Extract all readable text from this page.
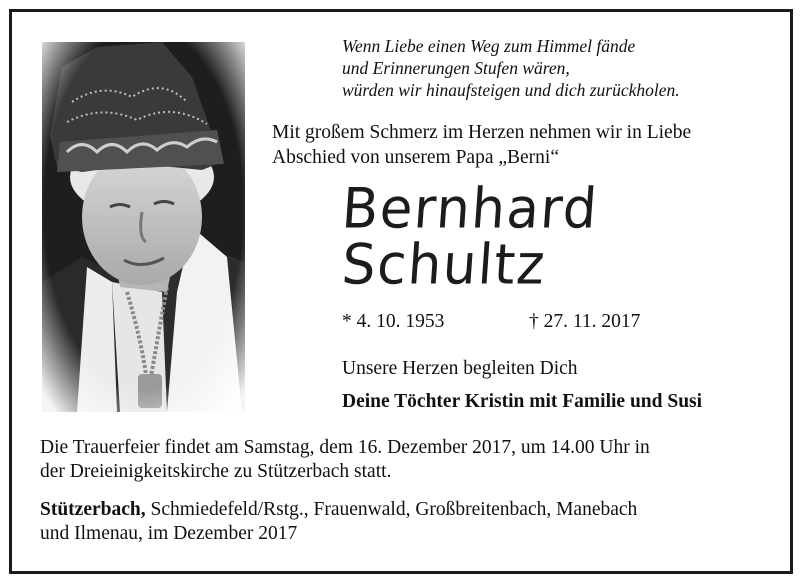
Wenn Liebe einen Weg zum Himmel fände
und Erinnerungen Stufen wären,
würden wir hinaufsteigen und dich zurückholen.
Mit großem Schmerz im Herzen nehmen wir in Liebe
Abschied von unserem Papa „Berni“
Bernhard
Schultz
* 4. 10. 1953	† 27. 11. 2017
Unsere Herzen begleiten Dich
Deine Töchter Kristin mit Familie und Susi
Die Trauerfeier findet am Samstag, dem 16. Dezember 2017, um 14.00 Uhr in
der Dreieinigkeitskirche zu Stützerbach statt.
Stützerbach, Schmiedefeld/Rstg., Frauenwald, Großbreitenbach, Manebach
und Ilmenau, im Dezember 2017
